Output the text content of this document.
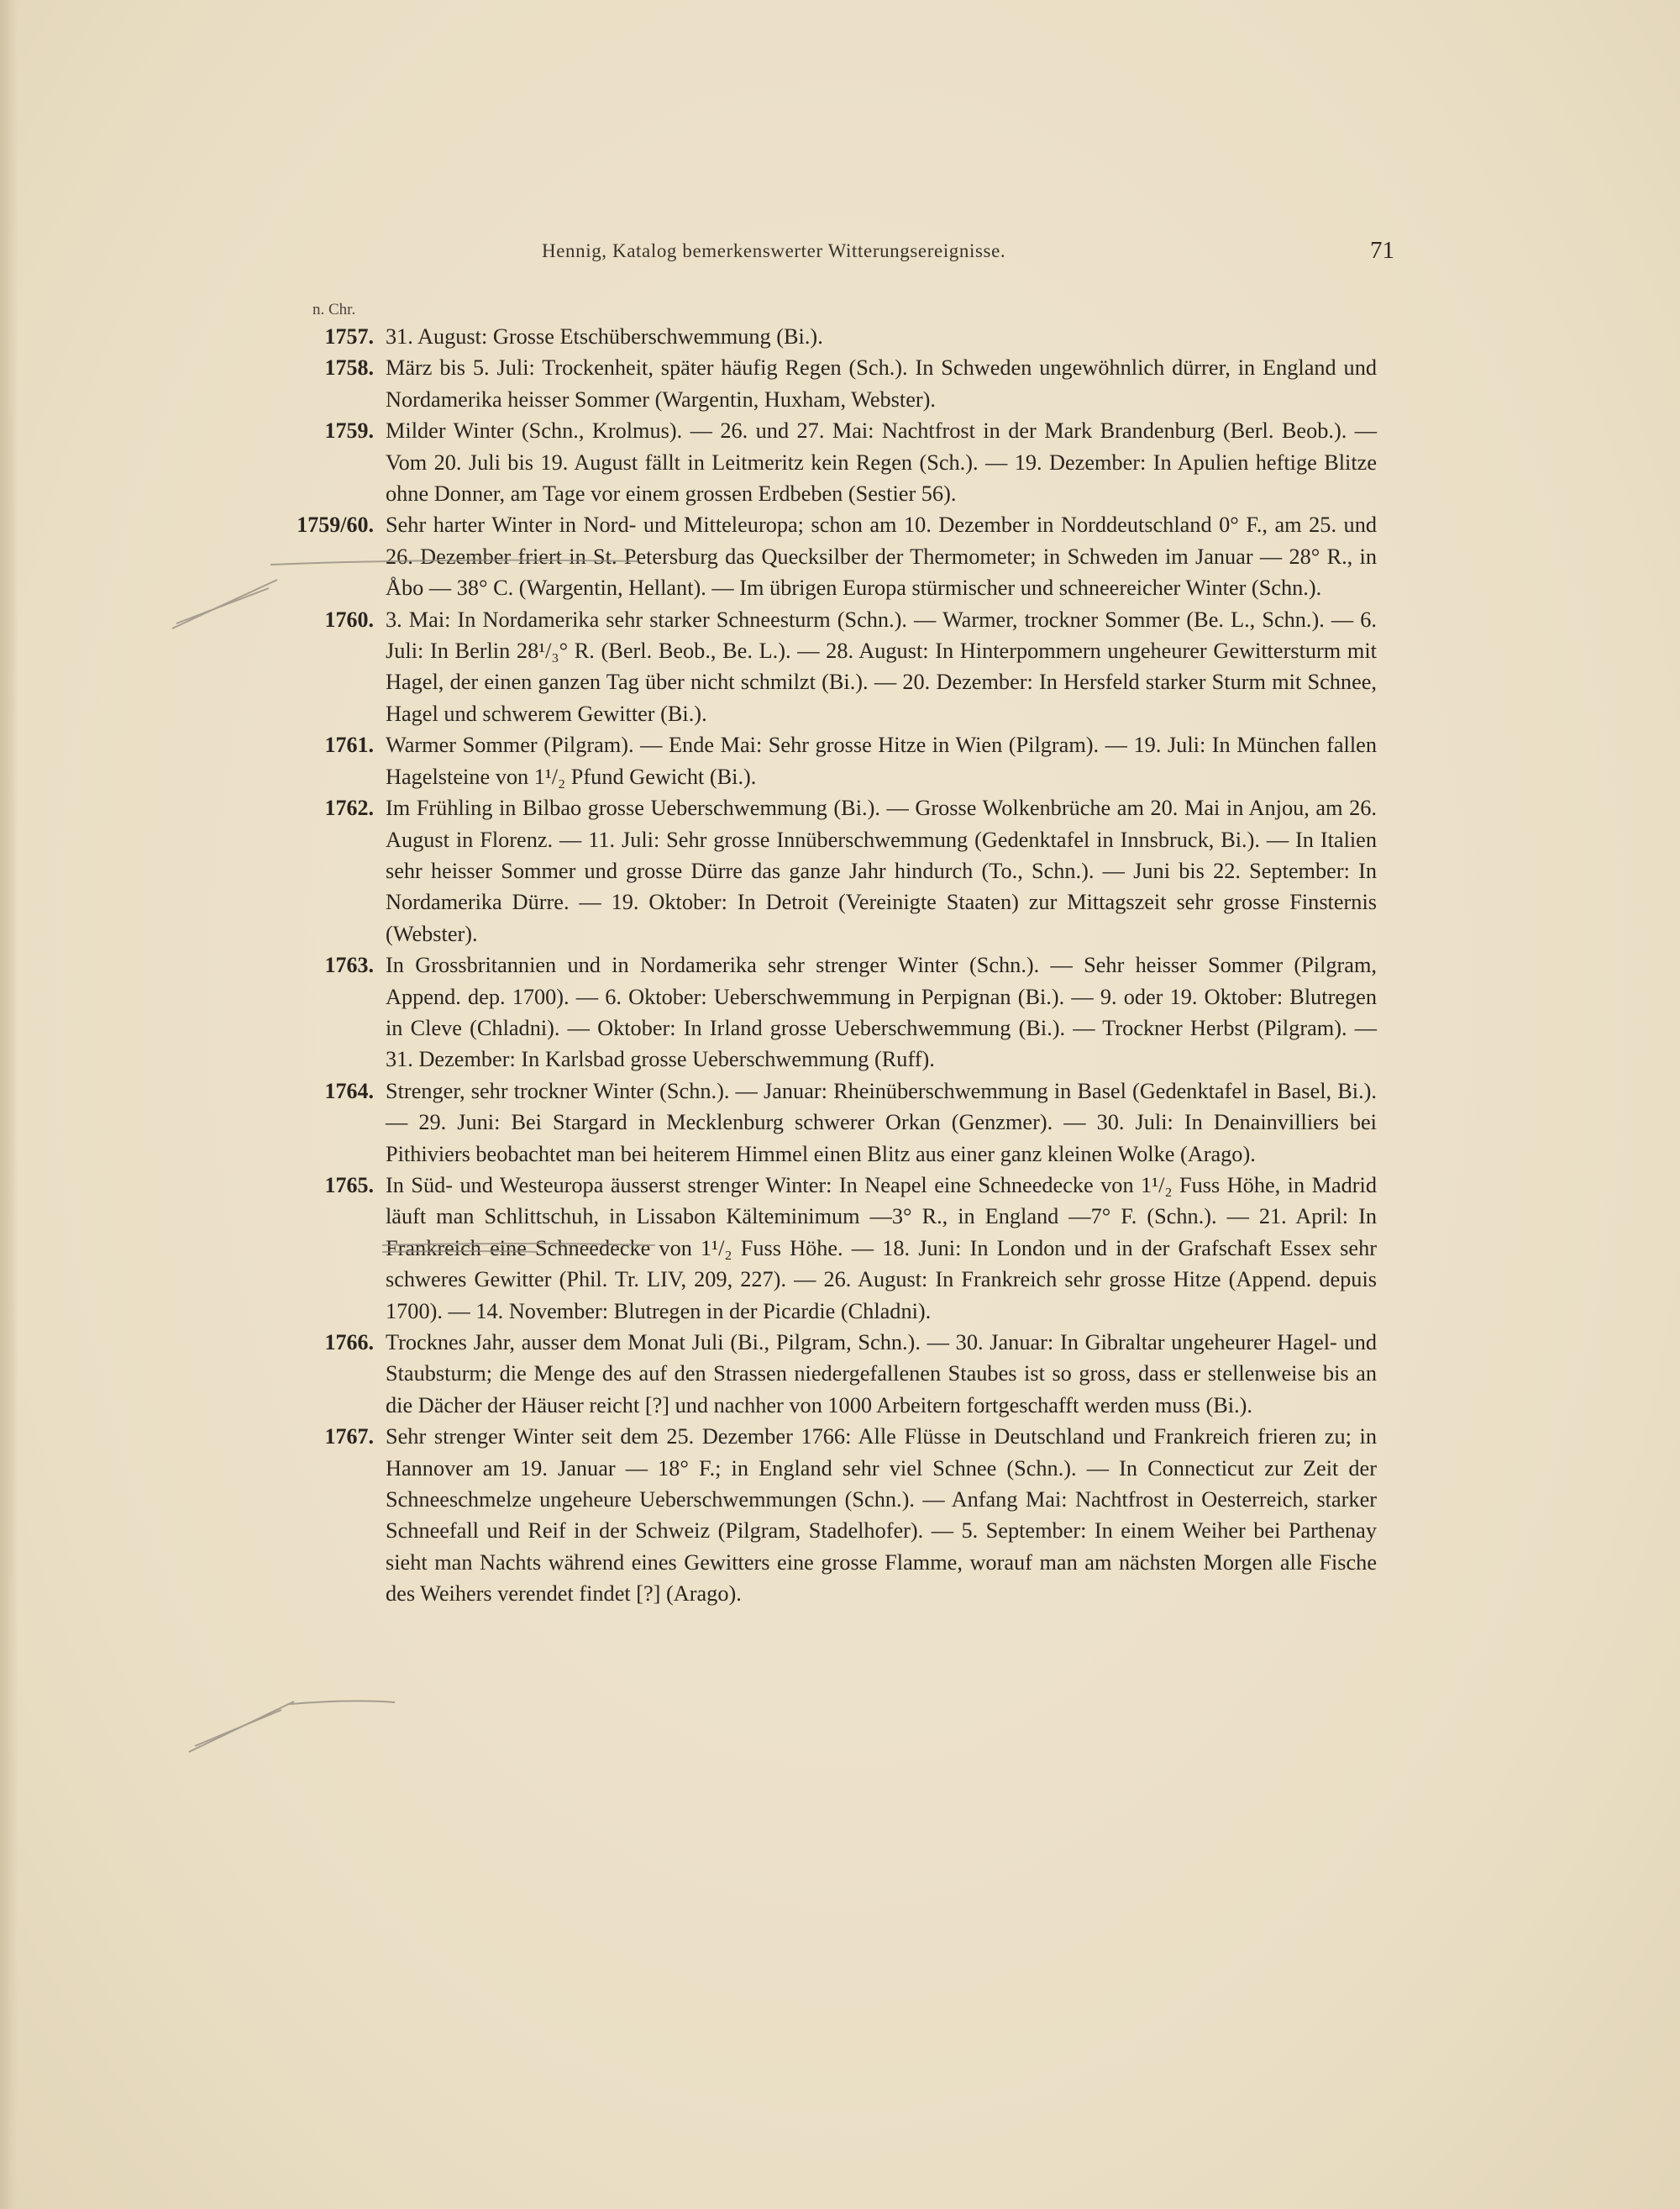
Hennig, Katalog bemerkenswerter Witterungsereignisse.	71
n. Chr.
1757. 31. August: Grosse Etschüberschwemmung (Bi.).
1758. März bis 5. Juli: Trockenheit, später häufig Regen (Sch.). In Schweden ungewöhnlich dürrer, in England und Nordamerika heisser Sommer (Wargentin, Huxham, Webster).
1759. Milder Winter (Schn., Krolmus). — 26. und 27. Mai: Nachtfrost in der Mark Brandenburg (Berl. Beob.). — Vom 20. Juli bis 19. August fällt in Leitmeritz kein Regen (Sch.). — 19. Dezember: In Apulien heftige Blitze ohne Donner, am Tage vor einem grossen Erdbeben (Sestier 56).
1759/60. Sehr harter Winter in Nord- und Mitteleuropa; schon am 10. Dezember in Norddeutschland 0° F., am 25. und 26. Dezember friert in St. Petersburg das Quecksilber der Thermometer; in Schweden im Januar — 28° R., in Åbo — 38° C. (Wargentin, Hellant). — Im übrigen Europa stürmischer und schneereicher Winter (Schn.).
1760. 3. Mai: In Nordamerika sehr starker Schneesturm (Schn.). — Warmer, trockner Sommer (Be. L., Schn.). — 6. Juli: In Berlin 28¹/₃° R. (Berl. Beob., Be. L.). — 28. August: In Hinterpommern ungeheurer Gewittersturm mit Hagel, der einen ganzen Tag über nicht schmilzt (Bi.). — 20. Dezember: In Hersfeld starker Sturm mit Schnee, Hagel und schwerem Gewitter (Bi.).
1761. Warmer Sommer (Pilgram). — Ende Mai: Sehr grosse Hitze in Wien (Pilgram). — 19. Juli: In München fallen Hagelsteine von 1¹/₂ Pfund Gewicht (Bi.).
1762. Im Frühling in Bilbao grosse Ueberschwemmung (Bi.). — Grosse Wolkenbrüche am 20. Mai in Anjou, am 26. August in Florenz. — 11. Juli: Sehr grosse Innüberschwemmung (Gedenktafel in Innsbruck, Bi.). — In Italien sehr heisser Sommer und grosse Dürre das ganze Jahr hindurch (To., Schn.). — Juni bis 22. September: In Nordamerika Dürre. — 19. Oktober: In Detroit (Vereinigte Staaten) zur Mittagszeit sehr grosse Finsternis (Webster).
1763. In Grossbritannien und in Nordamerika sehr strenger Winter (Schn.). — Sehr heisser Sommer (Pilgram, Append. dep. 1700). — 6. Oktober: Ueberschwemmung in Perpignan (Bi.). — 9. oder 19. Oktober: Blutregen in Cleve (Chladni). — Oktober: In Irland grosse Ueberschwemmung (Bi.). — Trockner Herbst (Pilgram). — 31. Dezember: In Karlsbad grosse Ueberschwemmung (Ruff).
1764. Strenger, sehr trockner Winter (Schn.). — Januar: Rheinüberschwemmung in Basel (Gedenktafel in Basel, Bi.). — 29. Juni: Bei Stargard in Mecklenburg schwerer Orkan (Genzmer). — 30. Juli: In Denainvilliers bei Pithiviers beobachtet man bei heiterem Himmel einen Blitz aus einer ganz kleinen Wolke (Arago).
1765. In Süd- und Westeuropa äusserst strenger Winter: In Neapel eine Schneedecke von 1¹/₂ Fuss Höhe, in Madrid läuft man Schlittschuh, in Lissabon Kälteminimum —3° R., in England —7° F. (Schn.). — 21. April: In Frankreich eine Schneedecke von 1¹/₂ Fuss Höhe. — 18. Juni: In London und in der Grafschaft Essex sehr schweres Gewitter (Phil. Tr. LIV, 209, 227). — 26. August: In Frankreich sehr grosse Hitze (Append. depuis 1700). — 14. November: Blutregen in der Picardie (Chladni).
1766. Trocknes Jahr, ausser dem Monat Juli (Bi., Pilgram, Schn.). — 30. Januar: In Gibraltar ungeheurer Hagel- und Staubsturm; die Menge des auf den Strassen niedergefallenen Staubes ist so gross, dass er stellenweise bis an die Dächer der Häuser reicht [?] und nachher von 1000 Arbeitern fortgeschafft werden muss (Bi.).
1767. Sehr strenger Winter seit dem 25. Dezember 1766: Alle Flüsse in Deutschland und Frankreich frieren zu; in Hannover am 19. Januar — 18° F.; in England sehr viel Schnee (Schn.). — In Connecticut zur Zeit der Schneeschmelze ungeheure Ueberschwemmungen (Schn.). — Anfang Mai: Nachtfrost in Oesterreich, starker Schneefall und Reif in der Schweiz (Pilgram, Stadelhofer). — 5. September: In einem Weiher bei Parthenay sieht man Nachts während eines Gewitters eine grosse Flamme, worauf man am nächsten Morgen alle Fische des Weihers verendet findet [?] (Arago).
